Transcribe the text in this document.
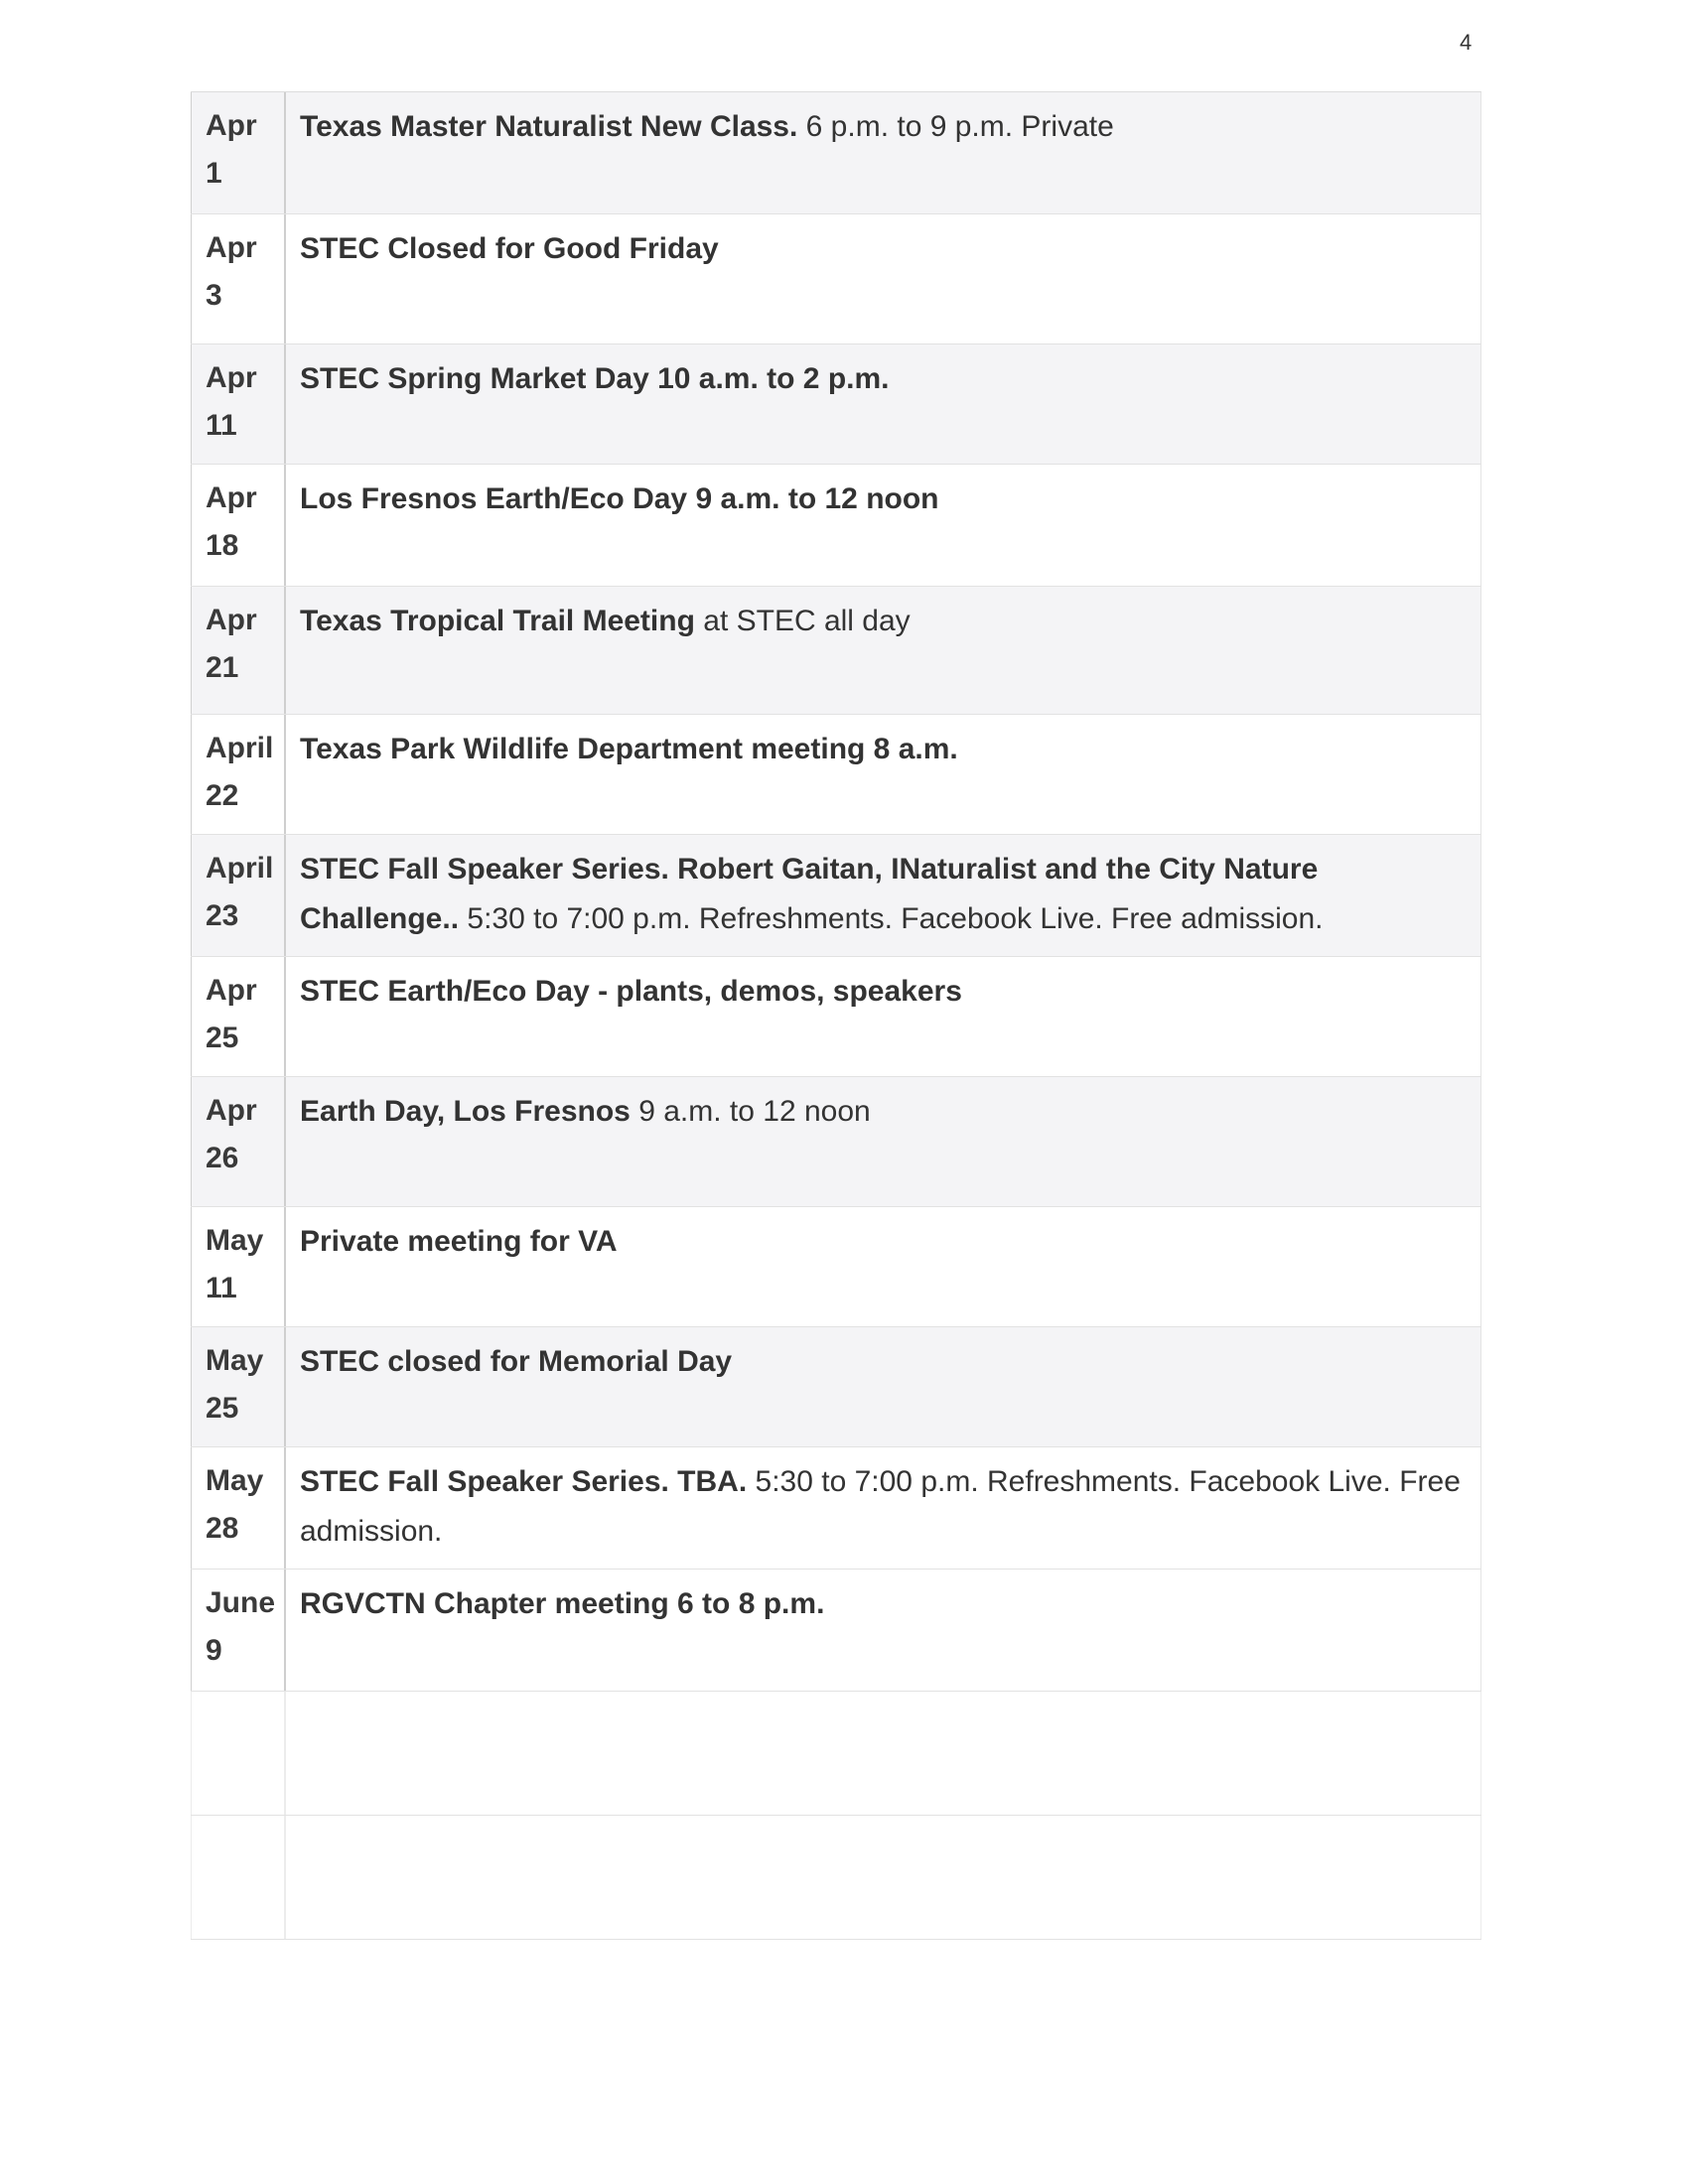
4
Apr
1
Texas Master Naturalist New Class. 6 p.m. to 9 p.m. Private
Apr
3
STEC Closed for Good Friday
Apr
11
STEC Spring Market Day 10 a.m. to 2 p.m.
Apr
18
Los Fresnos Earth/Eco Day 9 a.m. to 12 noon
Apr
21
Texas Tropical Trail Meeting at STEC all day
April
22
Texas Park Wildlife Department meeting 8 a.m.
April
23
STEC Fall Speaker Series. Robert Gaitan, INaturalist and the City Nature Challenge.. 5:30 to 7:00 p.m. Refreshments. Facebook Live. Free admission.
Apr
25
STEC Earth/Eco Day - plants, demos, speakers
Apr
26
Earth Day, Los Fresnos 9 a.m. to 12 noon
May
11
Private meeting for VA
May
25
STEC closed for Memorial Day
May
28
STEC Fall Speaker Series. TBA. 5:30 to 7:00 p.m. Refreshments. Facebook Live. Free admission.
June
9
RGVCTN Chapter meeting 6 to 8 p.m.
